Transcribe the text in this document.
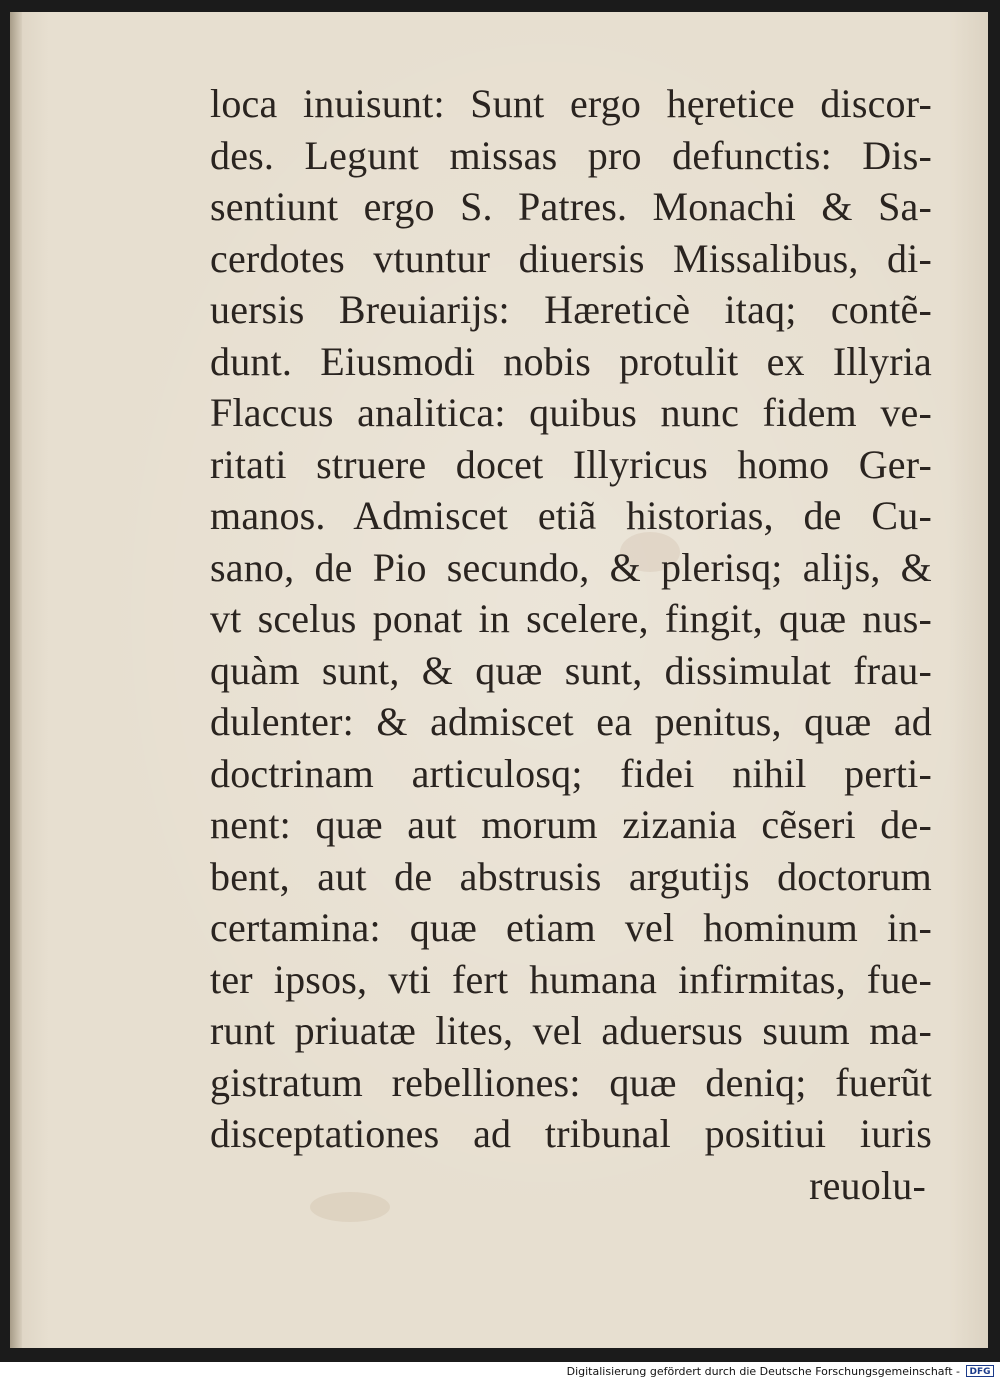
loca inuisunt: Sunt ergo hęretice discor-
des. Legunt missas pro defunctis: Dis-
sentiunt ergo S. Patres. Monachi & Sa-
cerdotes vtuntur diuersis Missalibus, di-
uersis Breuiarijs: Hæreticè itaq; contẽ-
dunt. Eiusmodi nobis protulit ex Illyria
Flaccus analitica: quibus nunc fidem ve-
ritati struere docet Illyricus homo Ger-
manos. Admiscet etiã historias, de Cu-
sano, de Pio secundo, & plerisq; alijs, &
vt scelus ponat in scelere, fingit, quæ nus-
quàm sunt, & quæ sunt, dissimulat frau-
dulenter: & admiscet ea penitus, quæ ad
doctrinam articulosq; fidei nihil perti-
nent: quæ aut morum zizania cẽseri de-
bent, aut de abstrusis argutijs doctorum
certamina: quæ etiam vel hominum in-
ter ipsos, vti fert humana infirmitas, fue-
runt priuatæ lites, vel aduersus suum ma-
gistratum rebelliones: quæ deniq; fuerũt
disceptationes ad tribunal positiui iuris
reuolu-
Digitalisierung gefördert durch die Deutsche Forschungsgemeinschaft -	DFG
